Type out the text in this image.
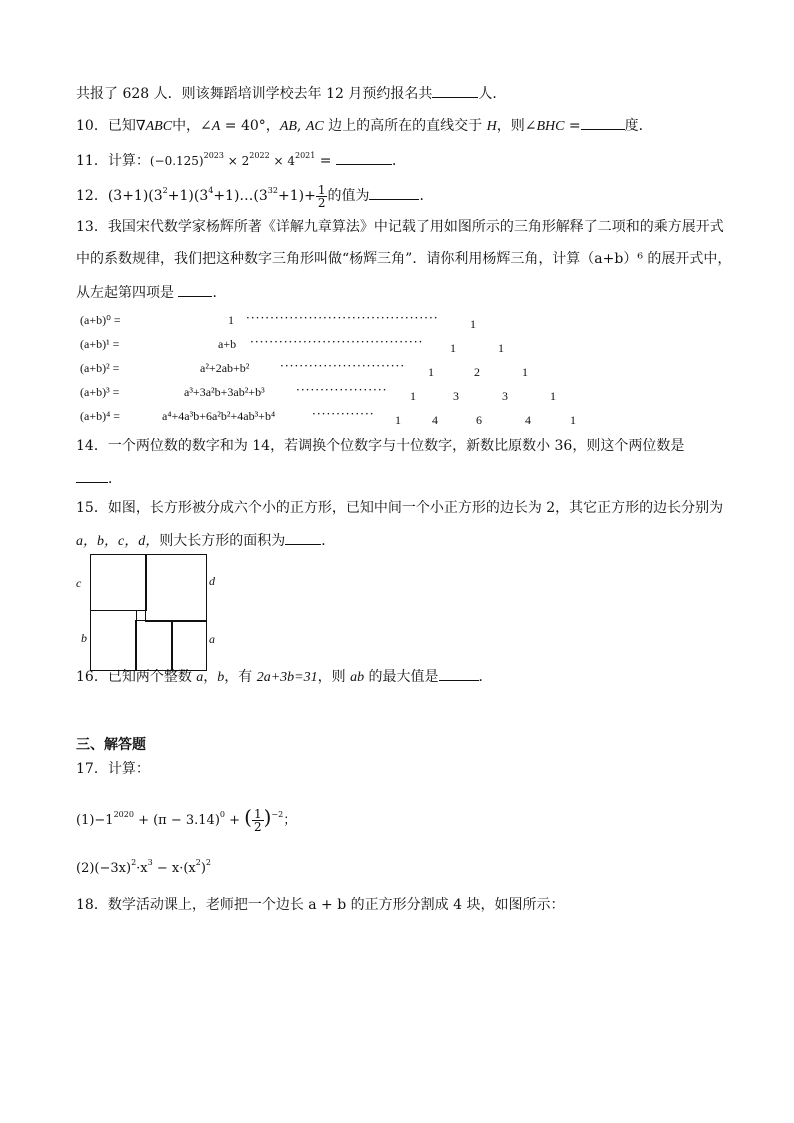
共报了 628 人．则该舞蹈培训学校去年 12 月预约报名共	人．
10．已知∇ABC中，∠A = 40°，AB, AC 边上的高所在的直线交于 H，则∠BHC =	度．
11．计算：$(-0.125)^{2023} \times 2^{2022} \times 4^{2021}$ =	．
12．$(3+1)(3^2+1)(3^4+1)\dots(3^{32}+1)+ \frac{1}{2}$ 的值为	．
13．我国宋代数学家杨辉所著《详解九章算法》中记载了用如图所示的三角形解释了二项和的乘方展开式
中的系数规律，我们把这种数字三角形叫做“杨辉三角”．请你利用杨辉三角，计算（a+b）⁶ 的展开式中，
从左起第四项是	．
(a+b)⁰ =	1 ········································	1
(a+b)¹ =	a+b ···································· 1	1
(a+b)² =	a²+2ab+b²	·························· 1	2	1
(a+b)³ =	a³+3a²b+3ab²+b³	··················· 1	3	3	1
(a+b)⁴ =	a⁴+4a³b+6a²b²+4ab³+b⁴	············· 1	4	6	4	1
14．一个两位数的数字和为 14，若调换个位数字与十位数字，新数比原数小 36，则这个两位数是
．
15．如图，长方形被分成六个小的正方形，已知中间一个小正方形的边长为 2，其它正方形的边长分别为
a，b，c，d，则大长方形的面积为	．
c	d
b	a
16．已知两个整数 a，b，有 2a+3b=31，则 ab 的最大值是	．
三、解答题
17．计算：
$(1)-1^{2020} + (\pi - 3.14)^0$ + ( $\frac{1}{2} )^{-2}$；
$(2)(-3x)^2\cdot x^3 - x\cdot(x^2)^2$
18．数学活动课上，老师把一个边长 a + b 的正方形分割成 4 块，如图所示：
